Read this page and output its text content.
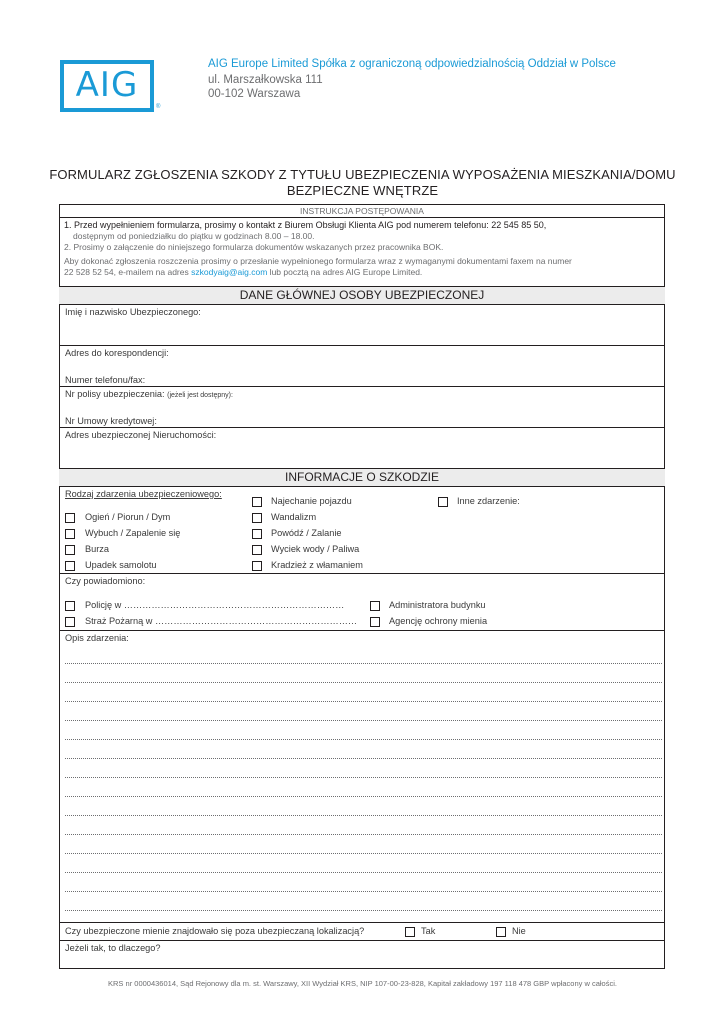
AIG
®
AIG Europe Limited Spółka z ograniczoną odpowiedzialnością Oddział w Polsce
ul. Marszałkowska 111
00-102 Warszawa
FORMULARZ ZGŁOSZENIA SZKODY Z TYTUŁU UBEZPIECZENIA WYPOSAŻENIA MIESZKANIA/DOMU
BEZPIECZNE WNĘTRZE
INSTRUKCJA POSTĘPOWANIA
1. Przed wypełnieniem formularza, prosimy o kontakt z Biurem Obsługi Klienta AIG pod numerem telefonu: 22 545 85 50,
dostępnym od poniedziałku do piątku w godzinach 8.00 – 18.00.
2. Prosimy o załączenie do niniejszego formularza dokumentów wskazanych przez pracownika BOK.
Aby dokonać zgłoszenia roszczenia prosimy o przesłanie wypełnionego formularza wraz z wymaganymi dokumentami faxem na numer
22 528 52 54, e-mailem na adres szkodyaig@aig.com lub pocztą na adres AIG Europe Limited.
DANE GŁÓWNEJ OSOBY UBEZPIECZONEJ
Imię i nazwisko Ubezpieczonego:
Adres do korespondencji:
Numer telefonu/fax:
Nr polisy ubezpieczenia: (jeżeli jest dostępny):
Nr Umowy kredytowej:
Adres ubezpieczonej Nieruchomości:
INFORMACJE O SZKODZIE
Rodzaj zdarzenia ubezpieczeniowego:
Ogień / Piorun / Dym
Wybuch / Zapalenie się
Burza
Upadek samolotu
Najechanie pojazdu
Wandalizm
Powódź / Zalanie
Wyciek wody / Paliwa
Kradzież z włamaniem
Inne zdarzenie:
Czy powiadomiono:
Policję w ………………………………………………………………
Straż Pożarną w …………………………………………………………
Administratora budynku
Agencję ochrony mienia
Opis zdarzenia:
Czy ubezpieczone mienie znajdowało się poza ubezpieczaną lokalizacją?	Tak	Nie
Jeżeli tak, to dlaczego?
KRS nr 0000436014, Sąd Rejonowy dla m. st. Warszawy, XII Wydział KRS, NIP 107-00-23-828, Kapitał zakładowy 197 118 478 GBP wpłacony w całości.
